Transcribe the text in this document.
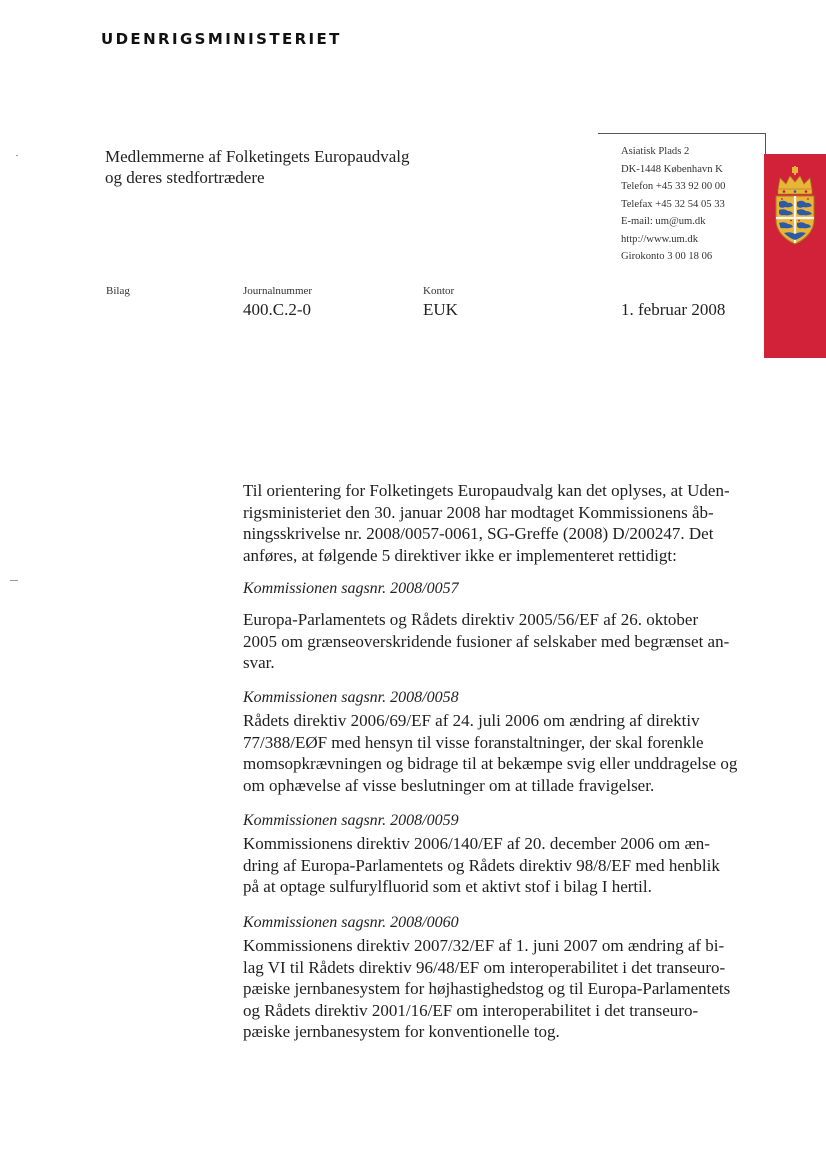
UDENRIGSMINISTERIET
Medlemmerne af Folketingets Europaudvalg
og deres stedfortrædere
Asiatisk Plads 2
DK-1448 København K
Telefon +45 33 92 00 00
Telefax +45 32 54 05 33
E-mail: um@um.dk
http://www.um.dk
Girokonto 3 00 18 06
Bilag	Journalnummer
400.C.2-0
Kontor
EUK	1. februar 2008
Til orientering for Folketingets Europaudvalg kan det oplyses, at Uden-
rigsministeriet den 30. januar 2008 har modtaget Kommissionens åb-
ningsskrivelse nr. 2008/0057-0061, SG-Greffe (2008) D/200247. Det
anføres, at følgende 5 direktiver ikke er implementeret rettidigt:
Kommissionen sagsnr. 2008/0057
Europa-Parlamentets og Rådets direktiv 2005/56/EF af 26. oktober
2005 om grænseoverskridende fusioner af selskaber med begrænset an-
svar.
Kommissionen sagsnr. 2008/0058
Rådets direktiv 2006/69/EF af 24. juli 2006 om ændring af direktiv
77/388/EØF med hensyn til visse foranstaltninger, der skal forenkle
momsopkrævningen og bidrage til at bekæmpe svig eller unddragelse og
om ophævelse af visse beslutninger om at tillade fravigelser.
Kommissionen sagsnr. 2008/0059
Kommissionens direktiv 2006/140/EF af 20. december 2006 om æn-
dring af Europa-Parlamentets og Rådets direktiv 98/8/EF med henblik
på at optage sulfurylfluorid som et aktivt stof i bilag I hertil.
Kommissionen sagsnr. 2008/0060
Kommissionens direktiv 2007/32/EF af 1. juni 2007 om ændring af bi-
lag VI til Rådets direktiv 96/48/EF om interoperabilitet i det transeuro-
pæiske jernbanesystem for højhastighedstog og til Europa-Parlamentets
og Rådets direktiv 2001/16/EF om interoperabilitet i det transeuro-
pæiske jernbanesystem for konventionelle tog.
